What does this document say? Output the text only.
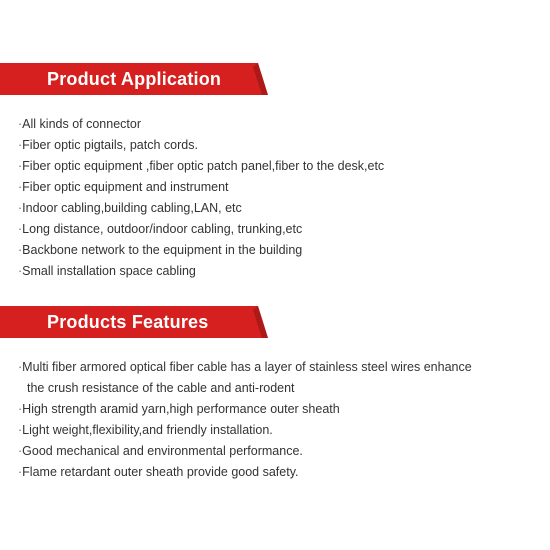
Product Application
·All kinds of connector
·Fiber optic pigtails, patch cords.
·Fiber optic equipment ,fiber optic patch panel,fiber to the desk,etc
·Fiber optic equipment and instrument
·Indoor cabling,building cabling,LAN, etc
·Long distance, outdoor/indoor cabling, trunking,etc
·Backbone network to the equipment in the building
·Small installation space cabling
Products Features
·Multi fiber armored optical fiber cable has a layer of stainless steel wires enhance
the crush resistance of the cable and anti-rodent
·High strength aramid yarn,high performance outer sheath
·Light weight,flexibility,and friendly installation.
·Good mechanical and environmental performance.
·Flame retardant outer sheath provide good safety.
